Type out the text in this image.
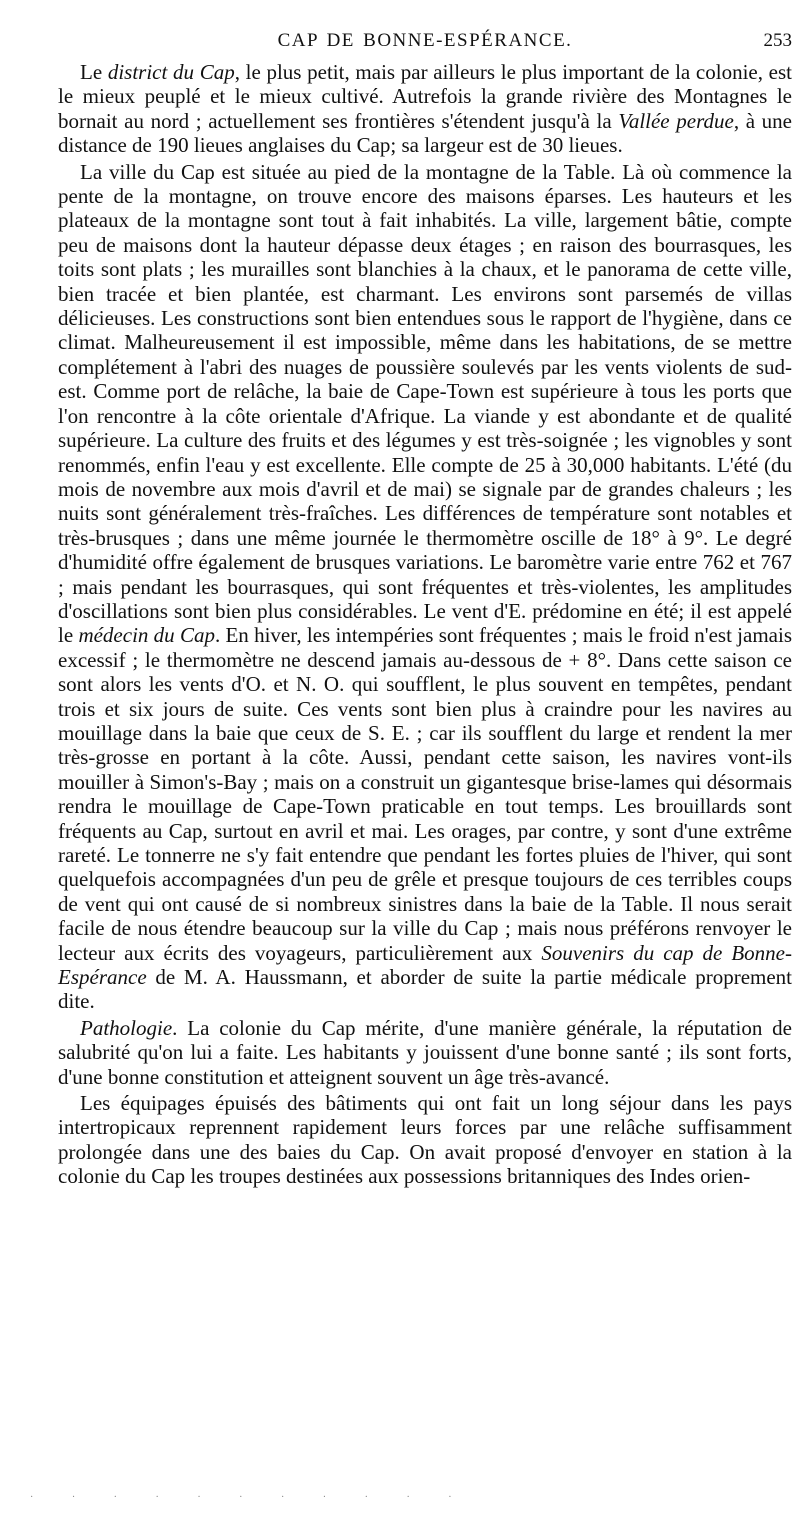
CAP DE BONNE-ESPÉRANCE.	253

Le district du Cap, le plus petit, mais par ailleurs le plus important de la colonie, est le mieux peuplé et le mieux cultivé. Autrefois la grande rivière des Montagnes le bornait au nord ; actuellement ses frontières s'étendent jusqu'à la Vallée perdue, à une distance de 190 lieues anglaises du Cap; sa largeur est de 30 lieues.

La ville du Cap est située au pied de la montagne de la Table. Là où commence la pente de la montagne, on trouve encore des maisons éparses. Les hauteurs et les plateaux de la montagne sont tout à fait inhabités. La ville, largement bâtie, compte peu de maisons dont la hauteur dépasse deux étages ; en raison des bourrasques, les toits sont plats ; les murailles sont blanchies à la chaux, et le panorama de cette ville, bien tracée et bien plantée, est charmant. Les environs sont parsemés de villas délicieuses. Les constructions sont bien entendues sous le rapport de l'hygiène, dans ce climat. Malheureusement il est impossible, même dans les habitations, de se mettre complétement à l'abri des nuages de poussière soulevés par les vents violents de sud-est. Comme port de relâche, la baie de Cape-Town est supérieure à tous les ports que l'on rencontre à la côte orientale d'Afrique. La viande y est abondante et de qualité supérieure. La culture des fruits et des légumes y est très-soignée ; les vignobles y sont renommés, enfin l'eau y est excellente. Elle compte de 25 à 30,000 habitants. L'été (du mois de novembre aux mois d'avril et de mai) se signale par de grandes chaleurs ; les nuits sont généralement très-fraîches. Les différences de température sont notables et très-brusques ; dans une même journée le thermomètre oscille de 18° à 9°. Le degré d'humidité offre également de brusques variations. Le baromètre varie entre 762 et 767 ; mais pendant les bourrasques, qui sont fréquentes et très-violentes, les amplitudes d'oscillations sont bien plus considérables. Le vent d'E. prédomine en été; il est appelé le médecin du Cap. En hiver, les intempéries sont fréquentes ; mais le froid n'est jamais excessif ; le thermomètre ne descend jamais au-dessous de + 8°. Dans cette saison ce sont alors les vents d'O. et N. O. qui soufflent, le plus souvent en tempêtes, pendant trois et six jours de suite. Ces vents sont bien plus à craindre pour les navires au mouillage dans la baie que ceux de S. E. ; car ils soufflent du large et rendent la mer très-grosse en portant à la côte. Aussi, pendant cette saison, les navires vont-ils mouiller à Simon's-Bay ; mais on a construit un gigantesque brise-lames qui désormais rendra le mouillage de Cape-Town praticable en tout temps. Les brouillards sont fréquents au Cap, surtout en avril et mai. Les orages, par contre, y sont d'une extrême rareté. Le tonnerre ne s'y fait entendre que pendant les fortes pluies de l'hiver, qui sont quelquefois accompagnées d'un peu de grêle et presque toujours de ces terribles coups de vent qui ont causé de si nombreux sinistres dans la baie de la Table. Il nous serait facile de nous étendre beaucoup sur la ville du Cap ; mais nous préférons renvoyer le lecteur aux écrits des voyageurs, particulièrement aux Souvenirs du cap de Bonne-Espérance de M. A. Haussmann, et aborder de suite la partie médicale proprement dite.

Pathologie. La colonie du Cap mérite, d'une manière générale, la réputation de salubrité qu'on lui a faite. Les habitants y jouissent d'une bonne santé ; ils sont forts, d'une bonne constitution et atteignent souvent un âge très-avancé.

Les équipages épuisés des bâtiments qui ont fait un long séjour dans les pays intertropicaux reprennent rapidement leurs forces par une relâche suffisamment prolongée dans une des baies du Cap. On avait proposé d'envoyer en station à la colonie du Cap les troupes destinées aux possessions britanniques des Indes orien-

· · · · · · · · · · ·
